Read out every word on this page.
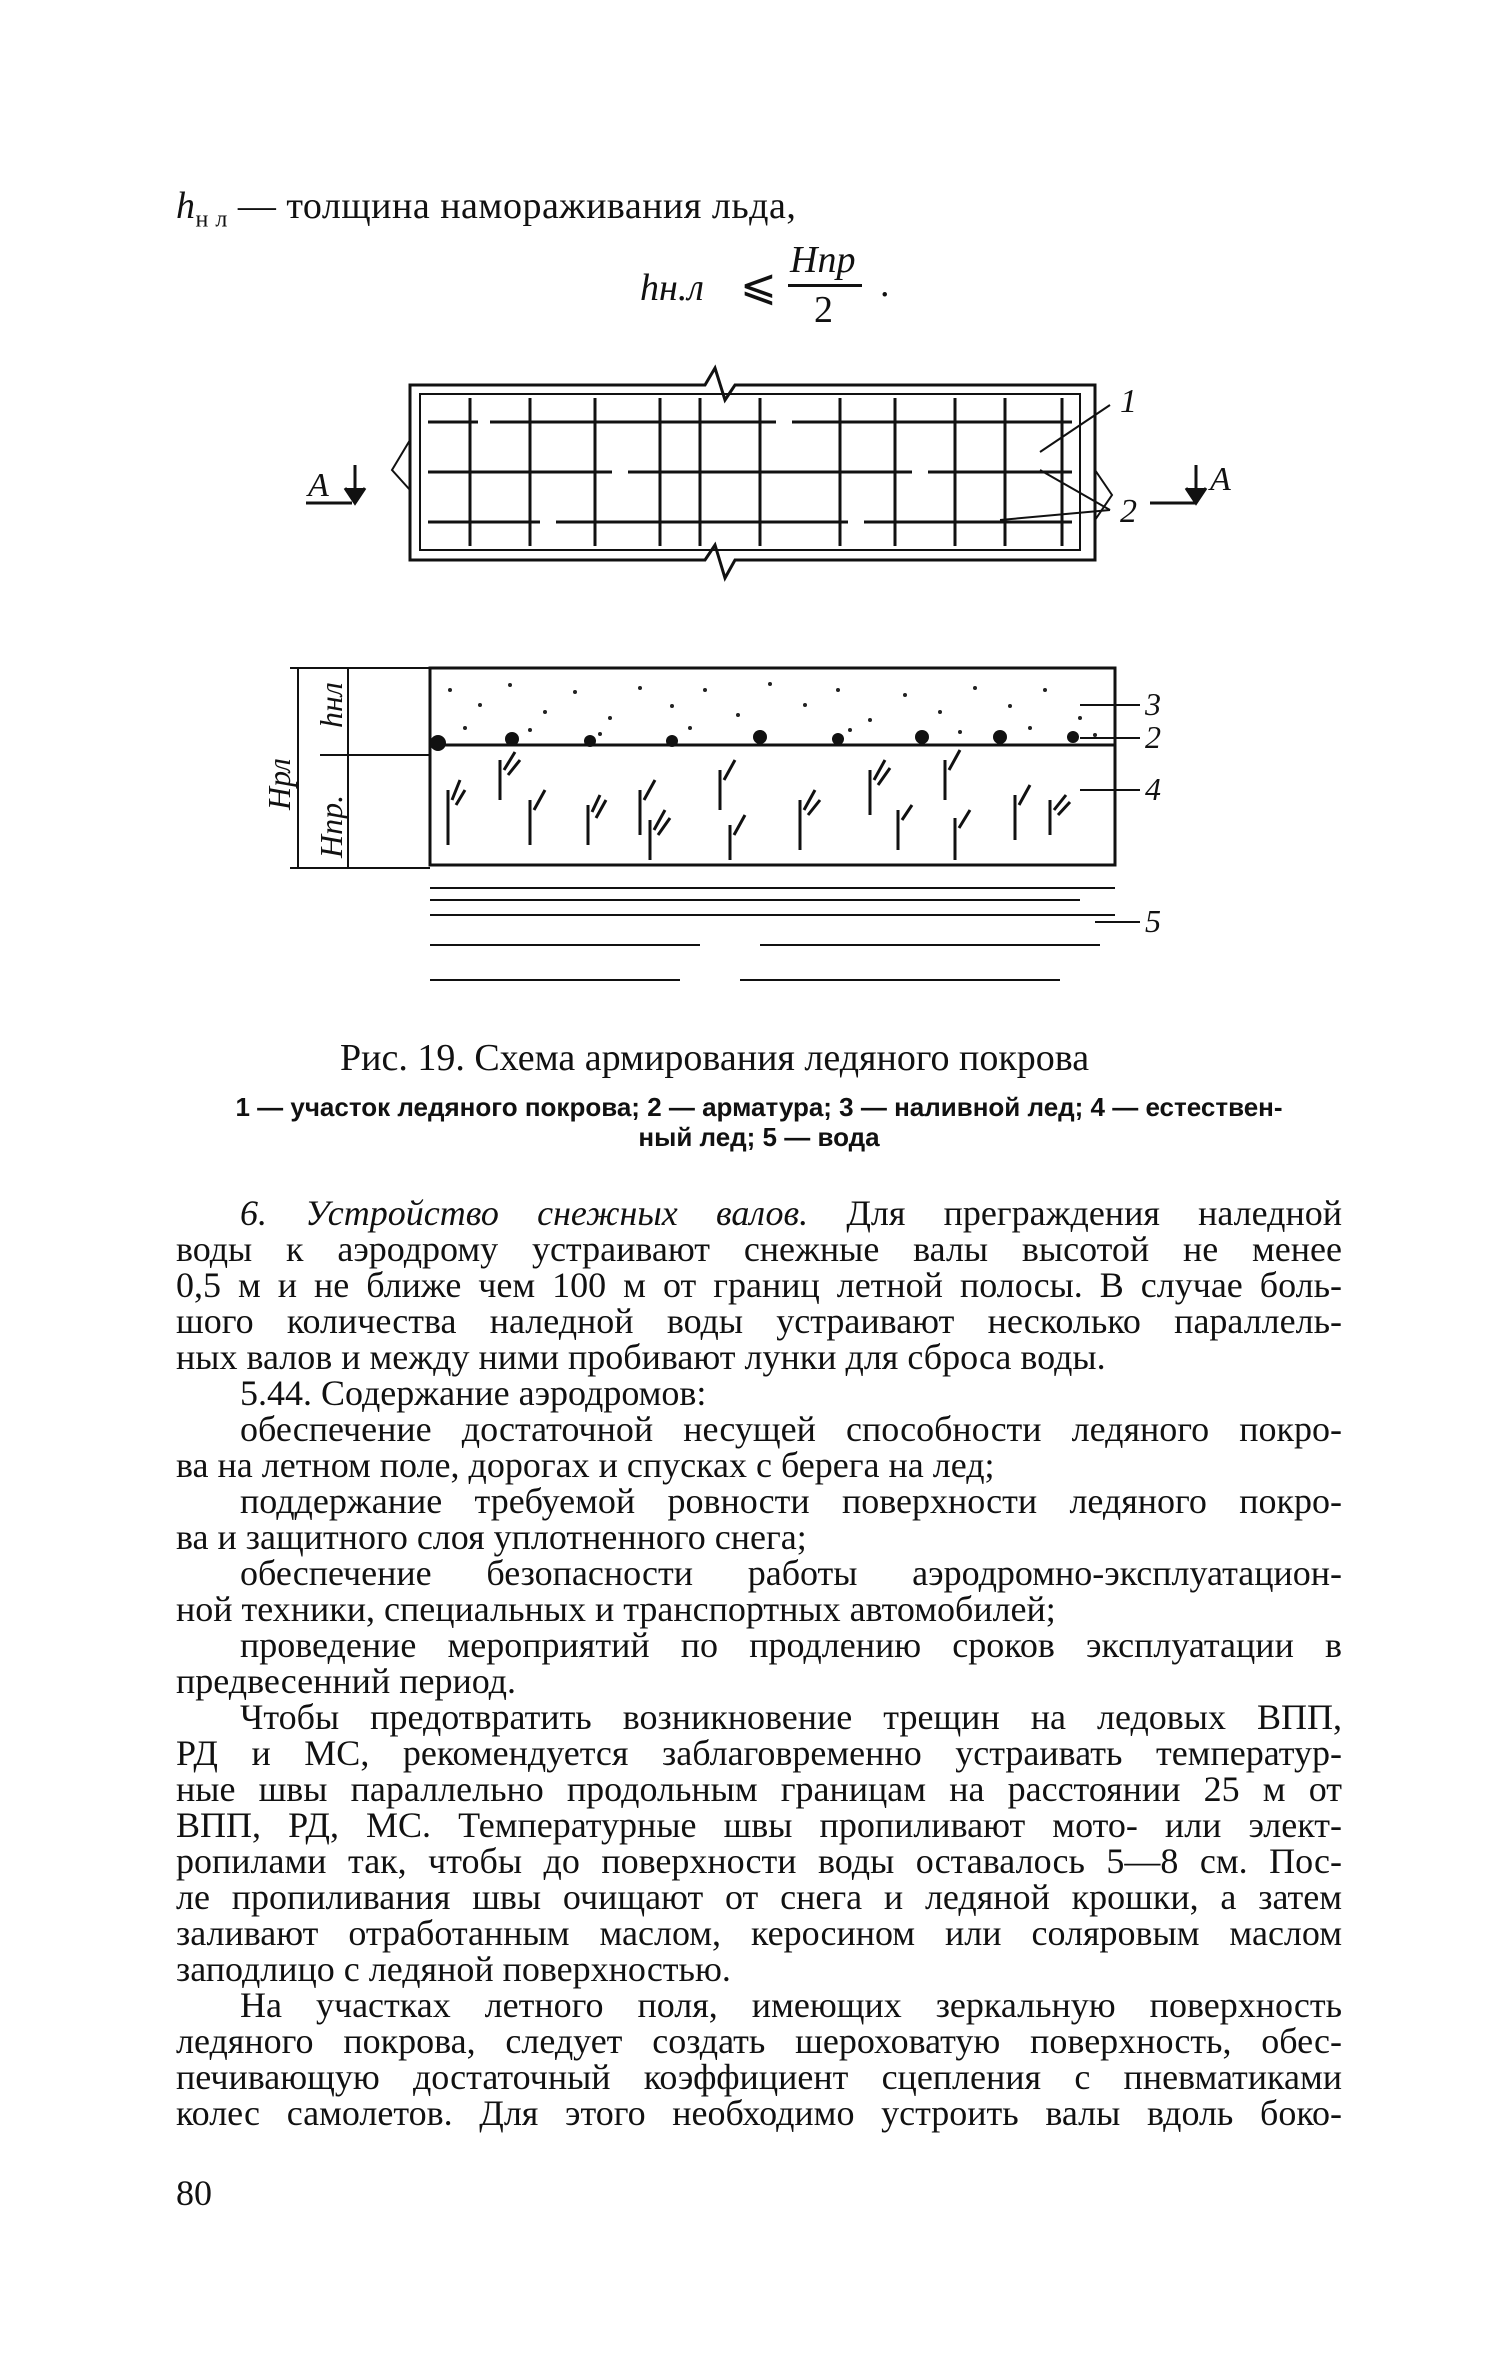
$h_{н л}$ — толщина намораживания льда,
hн.л ⩽
Hпр
2
.
1
2
A	A
hнл
Hрл
Hпр.
3
2
4
5
Рис. 19. Схема армирования ледяного покрова
1 — участок ледяного покрова; 2 — арматура; 3 — наливной лед; 4 — естествен-
ный лед; 5 — вода

6. Устройство снежных валов. Для преграждения наледной

воды к аэродрому устраивают снежные валы высотой не менее

0,5 м и не ближе чем 100 м от границ летной полосы. В случае боль-

шого количества наледной воды устраивают несколько параллель-

ных валов и между ними пробивают лунки для сброса воды.

5.44. Содержание аэродромов:

обеспечение достаточной несущей способности ледяного покро-

ва на летном поле, дорогах и спусках с берега на лед;

поддержание требуемой ровности поверхности ледяного покро-

ва и защитного слоя уплотненного снега;

обеспечение безопасности работы аэродромно-эксплуатацион-

ной техники, специальных и транспортных автомобилей;

проведение мероприятий по продлению сроков эксплуатации в

предвесенний период.

Чтобы предотвратить возникновение трещин на ледовых ВПП,

РД и МС, рекомендуется заблаговременно устраивать температур-

ные швы параллельно продольным границам на расстоянии 25 м от

ВПП, РД, МС. Температурные швы пропиливают мото- или элект-

ропилами так, чтобы до поверхности воды оставалось 5—8 см. Пос-

ле пропиливания швы очищают от снега и ледяной крошки, а затем

заливают отработанным маслом, керосином или соляровым маслом

заподлицо с ледяной поверхностью.

На участках летного поля, имеющих зеркальную поверхность

ледяного покрова, следует создать шероховатую поверхность, обес-

печивающую достаточный коэффициент сцепления с пневматиками

колес самолетов. Для этого необходимо устроить валы вдоль боко-

80
